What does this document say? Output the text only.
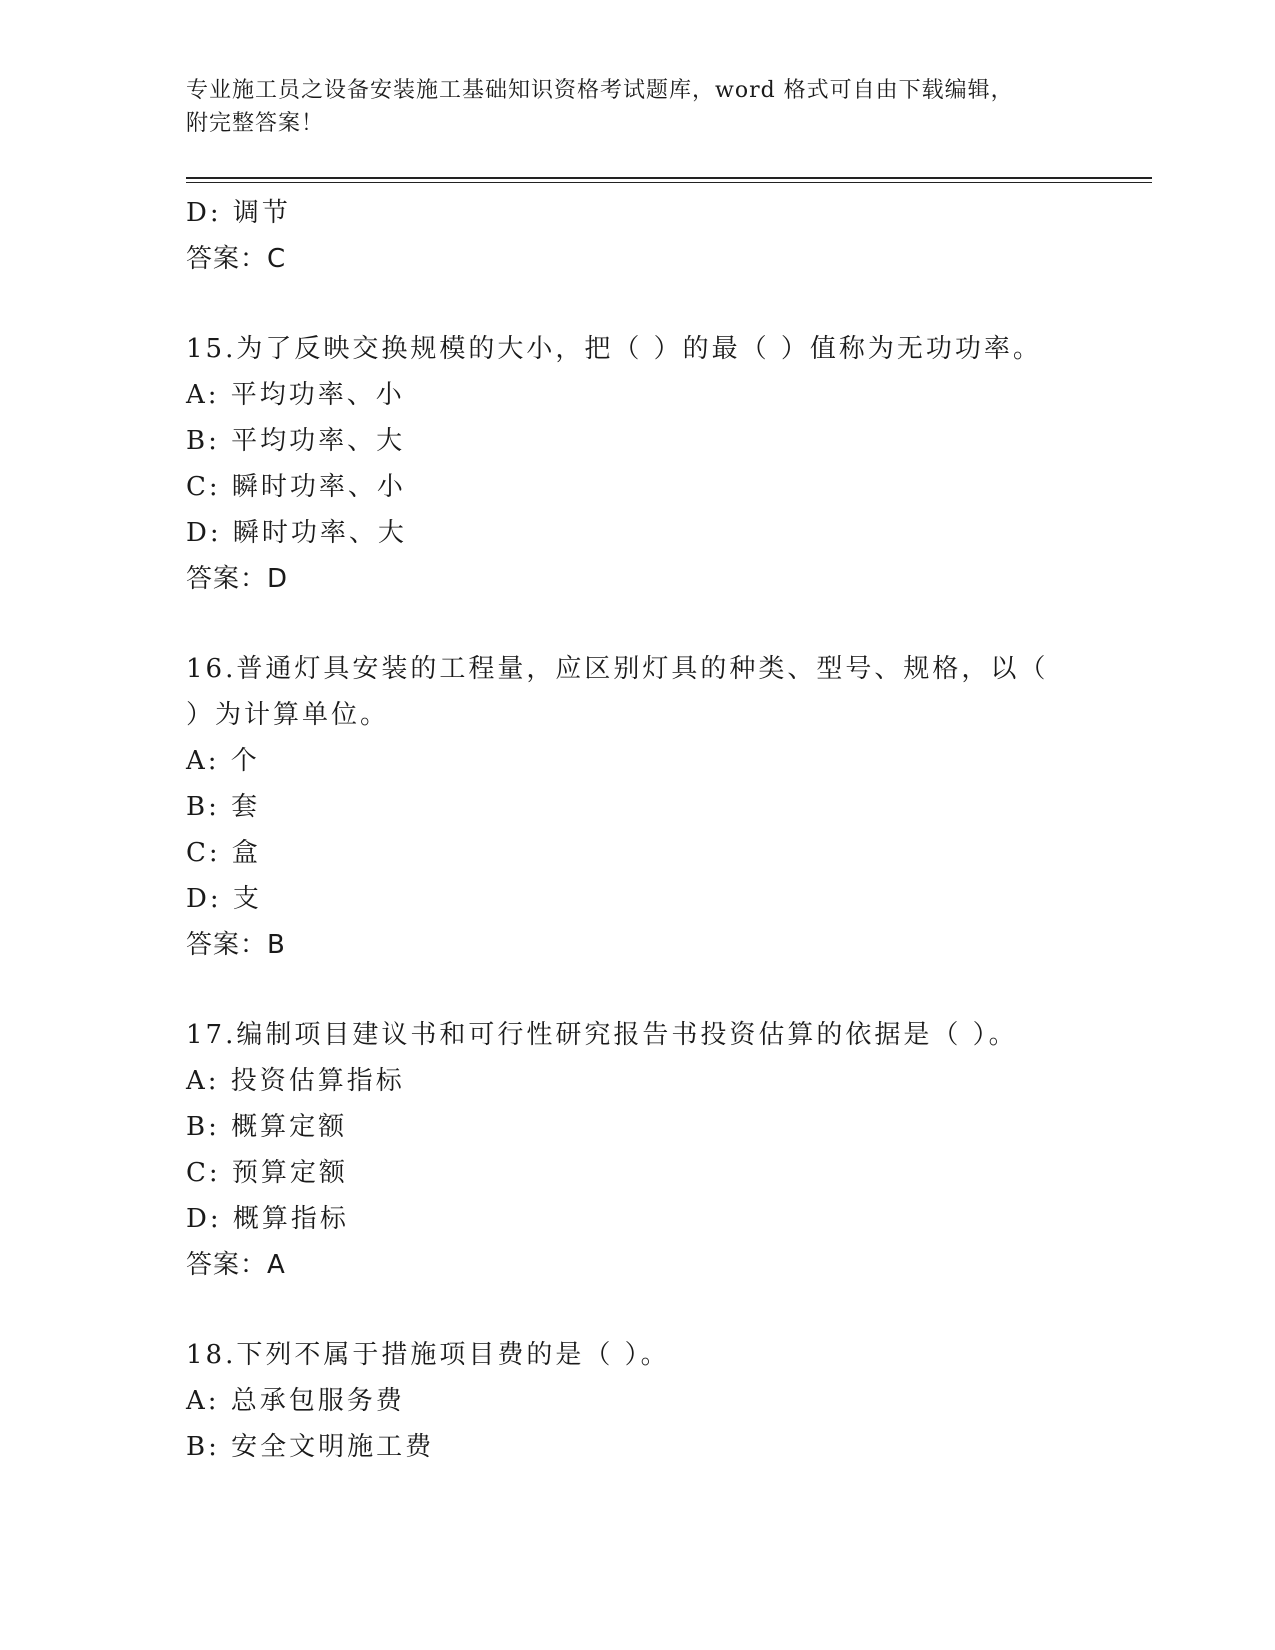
专业施工员之设备安装施工基础知识资格考试题库，word 格式可自由下载编辑，
附完整答案！
D: 调节
答案：C
15.为了反映交换规模的大小，把（ ）的最（ ）值称为无功功率。
A: 平均功率、小
B: 平均功率、大
C: 瞬时功率、小
D: 瞬时功率、大
答案：D
16.普通灯具安装的工程量，应区别灯具的种类、型号、规格，以（
）为计算单位。
A: 个
B: 套
C: 盒
D: 支
答案：B
17.编制项目建议书和可行性研究报告书投资估算的依据是（ ）。
A: 投资估算指标
B: 概算定额
C: 预算定额
D: 概算指标
答案：A
18.下列不属于措施项目费的是（ ）。
A: 总承包服务费
B: 安全文明施工费
